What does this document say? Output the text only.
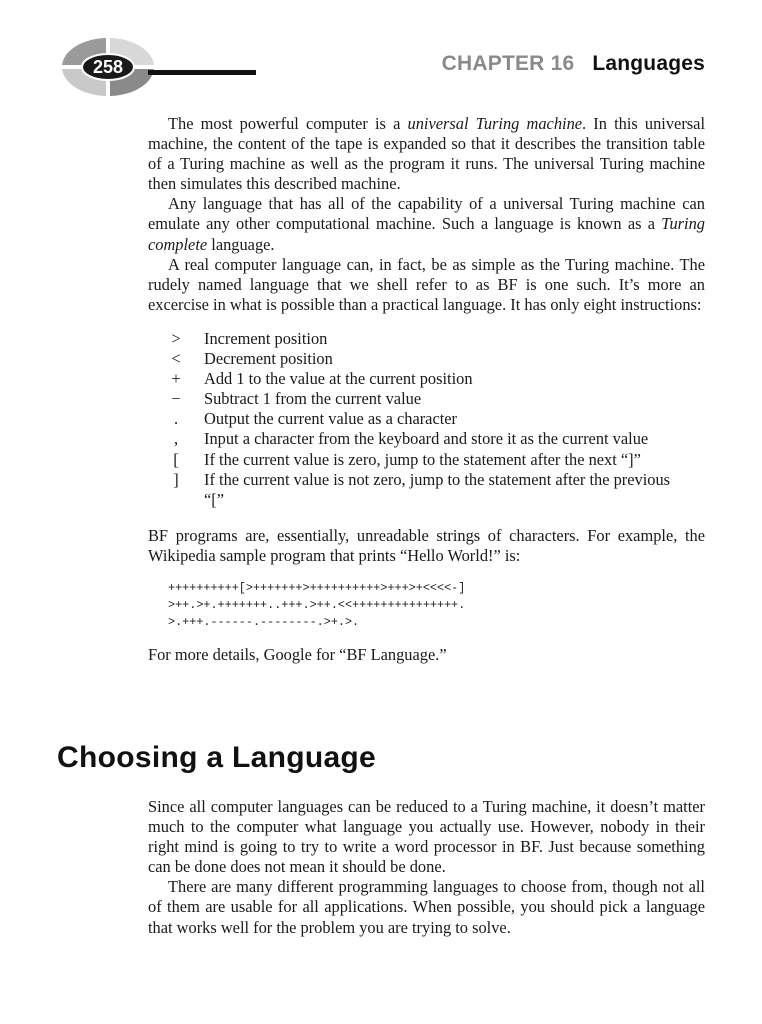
258	CHAPTER 16 Languages

The most powerful computer is a universal Turing machine. In this universal machine, the content of the tape is expanded so that it describes the transition table of a Turing machine as well as the program it runs. The universal Turing machine then simulates this described machine.

Any language that has all of the capability of a universal Turing machine can emulate any other computational machine. Such a language is known as a Turing complete language.

A real computer language can, in fact, be as simple as the Turing machine. The rudely named language that we shell refer to as BF is one such. It’s more an excercise in what is possible than a practical language. It has only eight instructions:

>	Increment position
<	Decrement position
+	Add 1 to the value at the current position
−	Subtract 1 from the current value
.	Output the current value as a character
,	Input a character from the keyboard and store it as the current value
[	If the current value is zero, jump to the statement after the next “]”
]	If the current value is not zero, jump to the statement after the previous “[”

BF programs are, essentially, unreadable strings of characters. For example, the Wikipedia sample program that prints “Hello World!” is:

++++++++++[>+++++++>++++++++++>+++>+<<<<-]
>++.>+.+++++++..+++.>++.<<+++++++++++++++.
>.+++.------.--------.>+.>.

For more details, Google for “BF Language.”

Choosing a Language

Since all computer languages can be reduced to a Turing machine, it doesn’t matter much to the computer what language you actually use. However, nobody in their right mind is going to try to write a word processor in BF. Just because something can be done does not mean it should be done.

There are many different programming languages to choose from, though not all of them are usable for all applications. When possible, you should pick a language that works well for the problem you are trying to solve.
